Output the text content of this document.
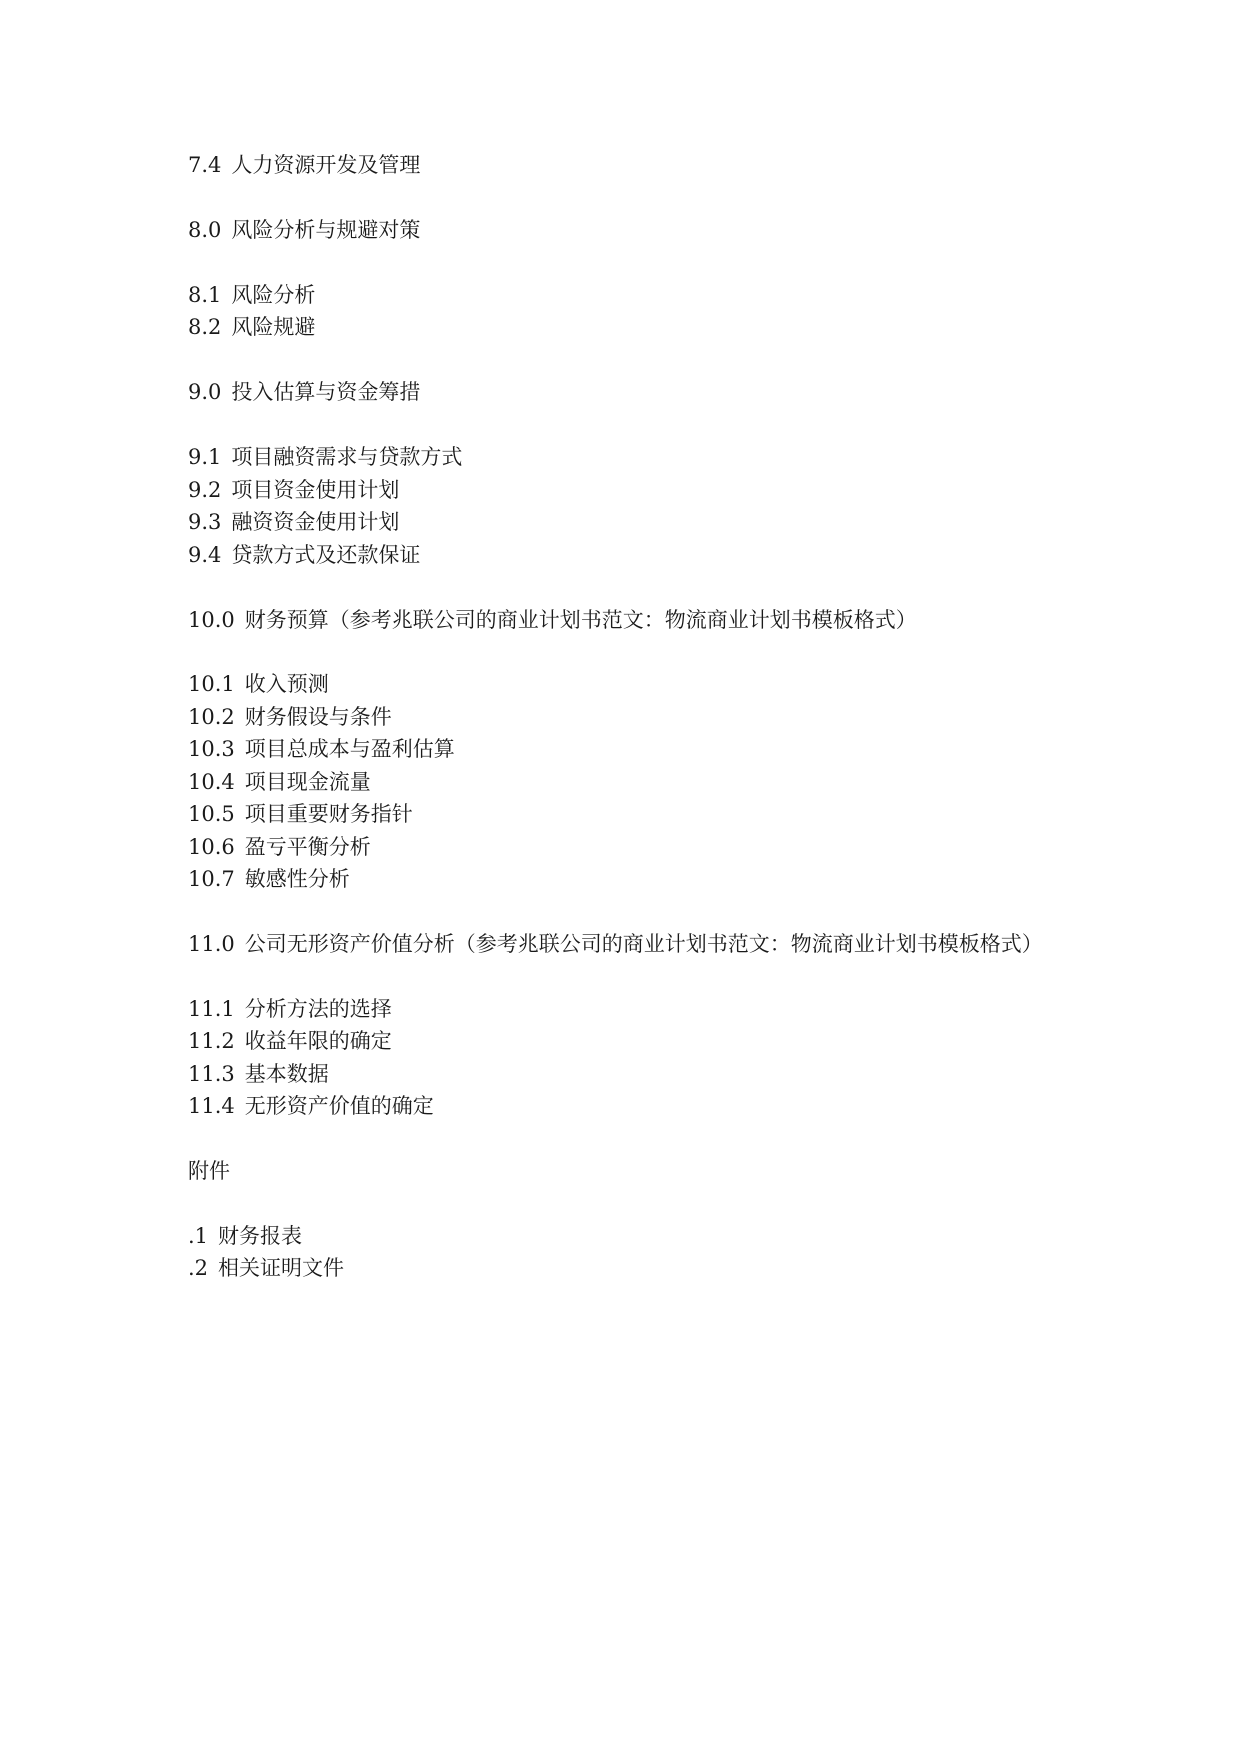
7.4 人力资源开发及管理
8.0 风险分析与规避对策
8.1 风险分析
8.2 风险规避
9.0 投入估算与资金筹措
9.1 项目融资需求与贷款方式
9.2 项目资金使用计划
9.3 融资资金使用计划
9.4 贷款方式及还款保证
10.0 财务预算（参考兆联公司的商业计划书范文：物流商业计划书模板格式）
10.1 收入预测
10.2 财务假设与条件
10.3 项目总成本与盈利估算
10.4 项目现金流量
10.5 项目重要财务指针
10.6 盈亏平衡分析
10.7 敏感性分析
11.0 公司无形资产价值分析（参考兆联公司的商业计划书范文：物流商业计划书模板格式）
11.1 分析方法的选择
11.2 收益年限的确定
11.3 基本数据
11.4 无形资产价值的确定
附件
.1 财务报表
.2 相关证明文件
